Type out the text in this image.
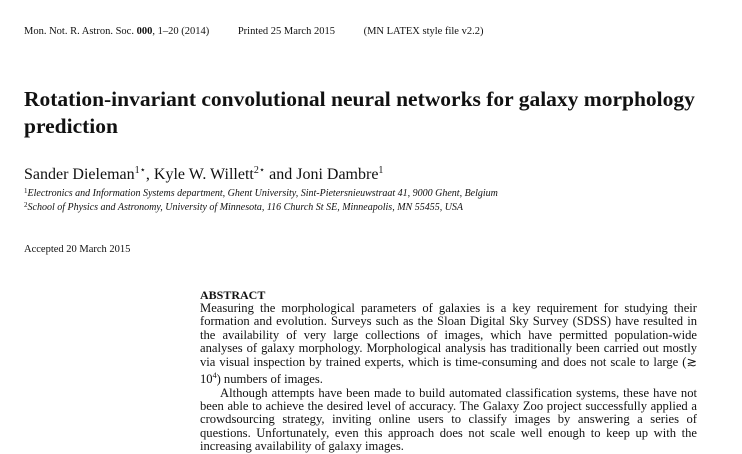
Mon. Not. R. Astron. Soc. 000, 1–20 (2014)	Printed 25 March 2015	(MN LATEX style file v2.2)
Rotation-invariant convolutional neural networks for galaxy morphology prediction
Sander Dieleman$^{1⋆}$, Kyle W. Willett$^{2⋆}$ and Joni Dambre$^1$
$^1$Electronics and Information Systems department, Ghent University, Sint-Pietersnieuwstraat 41, 9000 Ghent, Belgium
$^2$School of Physics and Astronomy, University of Minnesota, 116 Church St SE, Minneapolis, MN 55455, USA
Accepted 20 March 2015
ABSTRACT

Measuring the morphological parameters of galaxies is a key requirement for studying their formation and evolution. Surveys such as the Sloan Digital Sky Survey (SDSS) have resulted in the availability of very large collections of images, which have permitted population-wide analyses of galaxy morphology. Morphological analysis has traditionally been carried out mostly via visual inspection by trained experts, which is time-consuming and does not scale to large (≳ $10^4$) numbers of images.

Although attempts have been made to build automated classification systems, these have not been able to achieve the desired level of accuracy. The Galaxy Zoo project successfully applied a crowdsourcing strategy, inviting online users to classify images by answering a series of questions. Unfortunately, even this approach does not scale well enough to keep up with the increasing availability of galaxy images.
